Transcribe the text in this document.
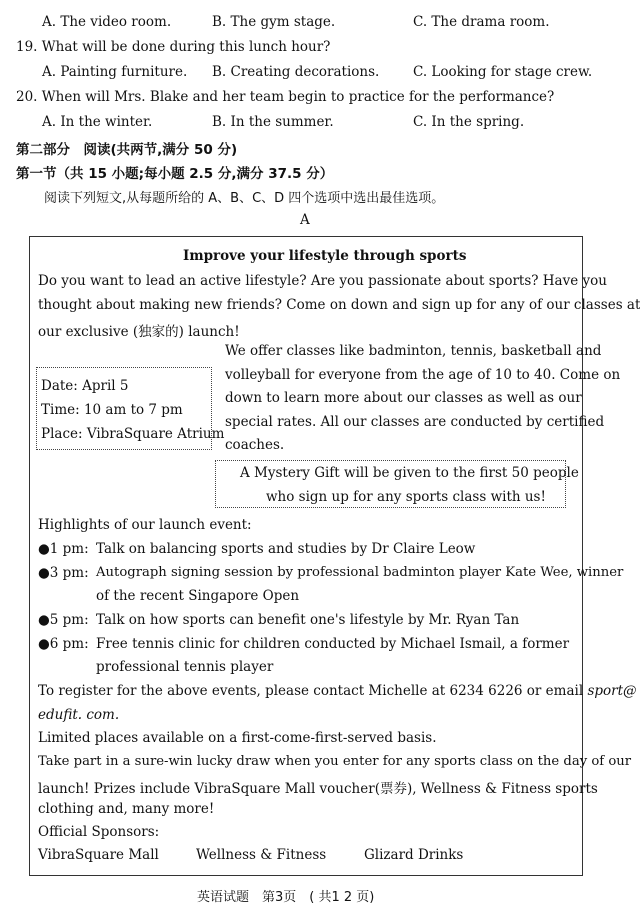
A. The video room.	B. The gym stage.	C. The drama room.
19. What will be done during this lunch hour?
A. Painting furniture. B. Creating decorations. C. Looking for stage crew.
20. When will Mrs. Blake and her team begin to practice for the performance?
A. In the winter.	B. In the summer.	C. In the spring.
第二部分　阅读(共两节,满分 50 分)
第一节（共 15 小题;每小题 2.5 分,满分 37.5 分）
阅读下列短文,从每题所给的 A、B、C、D 四个选项中选出最佳选项。
A
Improve your lifestyle through sports
Do you want to lead an active lifestyle? Are you passionate about sports? Have you
thought about making new friends? Come on down and sign up for any of our classes at
our exclusive (独家的) launch!
Date: April 5
Time: 10 am to 7 pm
Place: VibraSquare Atrium
We offer classes like badminton, tennis, basketball and
volleyball for everyone from the age of 10 to 40. Come on
down to learn more about our classes as well as our
special rates. All our classes are conducted by certified
coaches.
A Mystery Gift will be given to the first 50 people
who sign up for any sports class with us!
Highlights of our launch event:
●1 pm: Talk on balancing sports and studies by Dr Claire Leow
●3 pm: Autograph signing session by professional badminton player Kate Wee, winner
of the recent Singapore Open
●5 pm: Talk on how sports can benefit one's lifestyle by Mr. Ryan Tan
●6 pm: Free tennis clinic for children conducted by Michael Ismail, a former
professional tennis player
To register for the above events, please contact Michelle at 6234 6226 or email sport@
edufit. com.
Limited places available on a first-come-first-served basis.
Take part in a sure-win lucky draw when you enter for any sports class on the day of our
launch! Prizes include VibraSquare Mall voucher(票券), Wellness & Fitness sports
clothing and, many more!
Official Sponsors:
VibraSquare Mall	Wellness & Fitness	Glizard Drinks
英语试题　第3页　( 共1 2 页)
